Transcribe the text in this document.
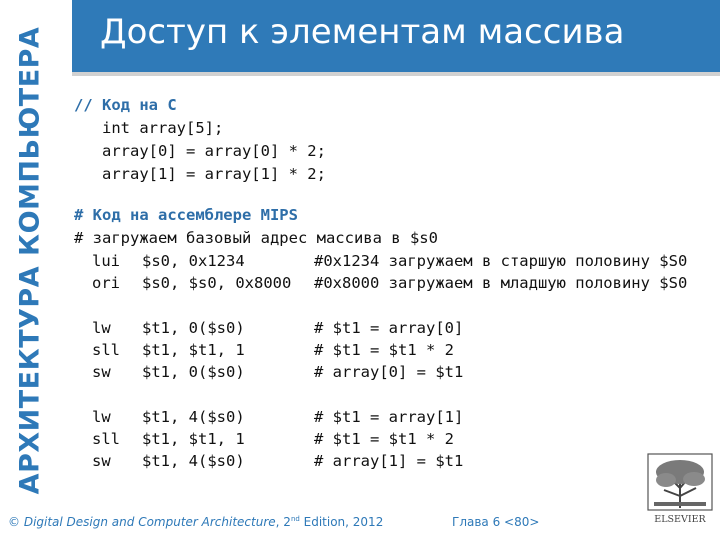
АРХИТЕКТУРА КОМПЬЮТЕРА Доступ к элементам массива
// Код на С
int array[5];
array[0] = array[0] * 2;
array[1] = array[1] * 2;
# Код на ассемблере MIPS
# загружаем базовый адрес массива в $s0
lui	$s0, 0x1234	#0x1234 загружаем в старшую половину $S0
ori	$s0, $s0, 0x8000	#0x8000 загружаем в младшую половину $S0
lw	$t1, 0($s0)	# $t1 = array[0]
sll	$t1, $t1, 1	# $t1 = $t1 * 2
sw	$t1, 0($s0)	# array[0] = $t1
lw	$t1, 4($s0)	# $t1 = array[1]
sll	$t1, $t1, 1	# $t1 = $t1 * 2
sw	$t1, 4($s0)	# array[1] = $t1
ELSEVIER
© Digital Design and Computer Architecture, 2nd Edition, 2012	Глава 6 <80>
